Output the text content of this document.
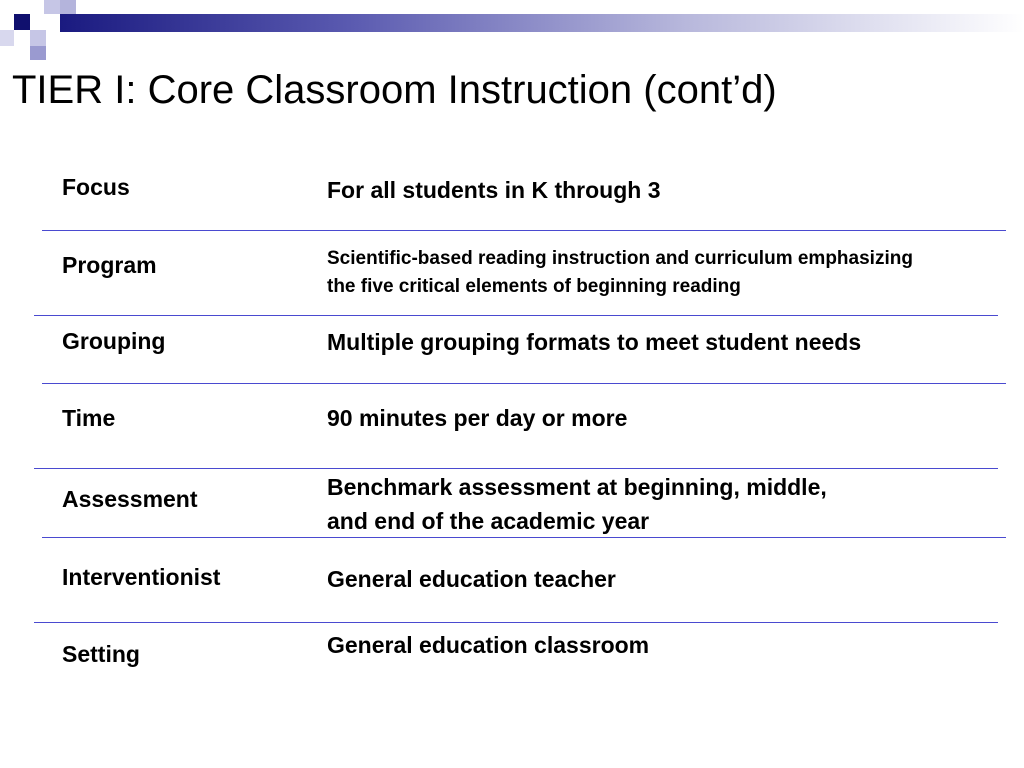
TIER I: Core Classroom Instruction (cont’d)
Focus	For all students in K through 3
Program	Scientific-based reading instruction and curriculum emphasizing
the five critical elements of beginning reading
Grouping	Multiple grouping formats to meet student needs
Time	90 minutes per day or more
Assessment	Benchmark assessment at beginning, middle,
and end of the academic year
Interventionist	General education teacher
Setting	General education classroom
